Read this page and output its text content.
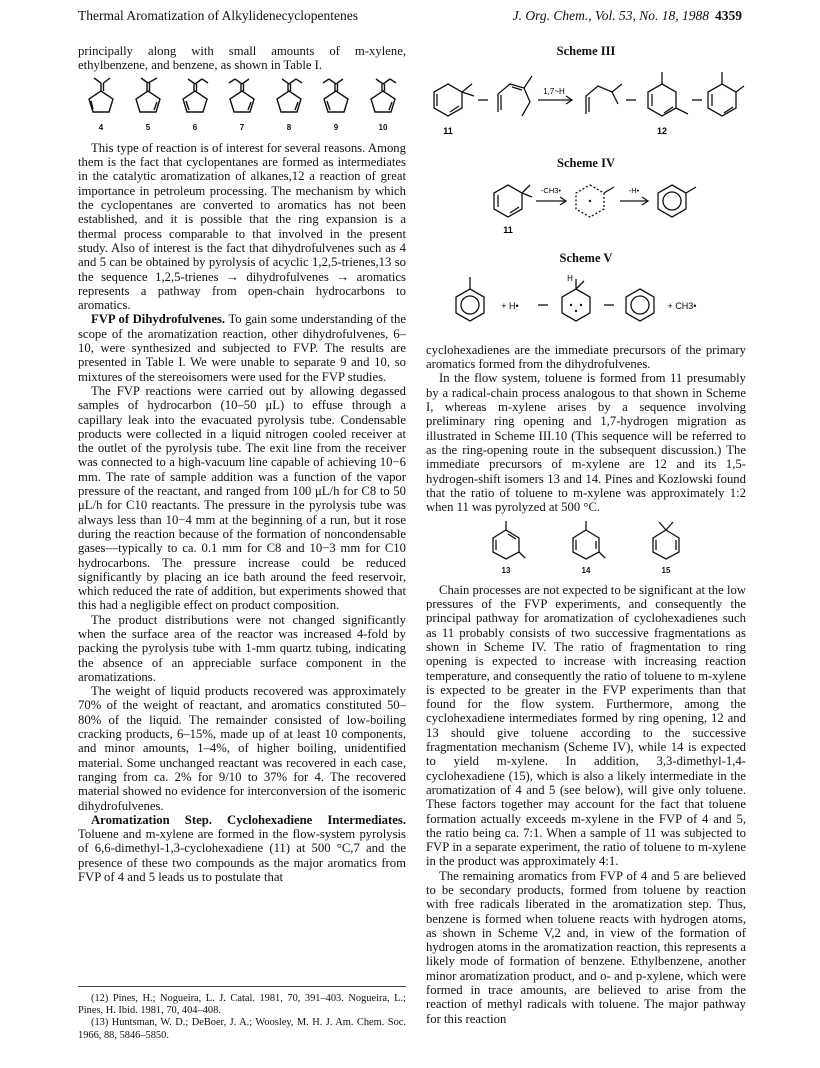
Thermal Aromatization of Alkylidenecyclopentenes	J. Org. Chem., Vol. 53, No. 18, 1988 4359

principally along with small amounts of m-xylene, ethylbenzene, and benzene, as shown in Table I.

4	5	6	7	8	9	10

This type of reaction is of interest for several reasons. Among them is the fact that cyclopentanes are formed as intermediates in the catalytic aromatization of alkanes,12 a reaction of great importance in petroleum processing. The mechanism by which the cyclopentanes are converted to aromatics has not been established, and it is possible that the ring expansion is a thermal process comparable to that involved in the present study. Also of interest is the fact that dihydrofulvenes such as 4 and 5 can be obtained by pyrolysis of acyclic 1,2,5-trienes,13 so the sequence 1,2,5-trienes → dihydrofulvenes → aromatics represents a pathway from open-chain hydrocarbons to aromatics.

FVP of Dihydrofulvenes. To gain some understanding of the scope of the aromatization reaction, other dihydrofulvenes, 6–10, were synthesized and subjected to FVP. The results are presented in Table I. We were unable to separate 9 and 10, so mixtures of the stereoisomers were used for the FVP studies.

The FVP reactions were carried out by allowing degassed samples of hydrocarbon (10–50 μL) to effuse through a capillary leak into the evacuated pyrolysis tube. Condensable products were collected in a liquid nitrogen cooled receiver at the outlet of the pyrolysis tube. The exit line from the receiver was connected to a high-vacuum line capable of achieving 10−6 mm. The rate of sample addition was a function of the vapor pressure of the reactant, and ranged from 100 μL/h for C8 to 50 μL/h for C10 reactants. The pressure in the pyrolysis tube was always less than 10−4 mm at the beginning of a run, but it rose during the reaction because of the formation of noncondensable gases—typically to ca. 0.1 mm for C8 and 10−3 mm for C10 hydrocarbons. The pressure increase could be reduced significantly by placing an ice bath around the feed reservoir, which reduced the rate of addition, but experiments showed that this had a negligible effect on product composition.

The product distributions were not changed significantly when the surface area of the reactor was increased 4-fold by packing the pyrolysis tube with 1-mm quartz tubing, indicating the absence of an appreciable surface component in the aromatizations.

The weight of liquid products recovered was approximately 70% of the weight of reactant, and aromatics constituted 50–80% of the liquid. The remainder consisted of low-boiling cracking products, 6–15%, made up of at least 10 components, and minor amounts, 1–4%, of higher boiling, unidentified material. Some unchanged reactant was recovered in each case, ranging from ca. 2% for 9/10 to 37% for 4. The recovered material showed no evidence for interconversion of the isomeric dihydrofulvenes.

Aromatization Step. Cyclohexadiene Intermediates. Toluene and m-xylene are formed in the flow-system pyrolysis of 6,6-dimethyl-1,3-cyclohexadiene (11) at 500 °C,7 and the presence of these two compounds as the major aromatics from FVP of 4 and 5 leads us to postulate that

(12) Pines, H.; Nogueira, L. J. Catal. 1981, 70, 391–403. Nogueira, L.; Pines, H. Ibid. 1981, 70, 404–408.
(13) Huntsman, W. D.; DeBoer, J. A.; Woosley, M. H. J. Am. Chem. Soc. 1966, 88, 5846–5850.
Scheme III
1,7~H
11	12
Scheme IV
-CH3•	-H•
11
Scheme V
+ H•
H
+ CH3•

cyclohexadienes are the immediate precursors of the primary aromatics formed from the dihydrofulvenes.

In the flow system, toluene is formed from 11 presumably by a radical-chain process analogous to that shown in Scheme I, whereas m-xylene arises by a sequence involving preliminary ring opening and 1,7-hydrogen migration as illustrated in Scheme III.10 (This sequence will be referred to as the ring-opening route in the subsequent discussion.) The immediate precursors of m-xylene are 12 and its 1,5-hydrogen-shift isomers 13 and 14. Pines and Kozlowski found that the ratio of toluene to m-xylene was approximately 1:2 when 11 was pyrolyzed at 500 °C.

13	14	15

Chain processes are not expected to be significant at the low pressures of the FVP experiments, and consequently the principal pathway for aromatization of cyclohexadienes such as 11 probably consists of two successive fragmentations as shown in Scheme IV. The ratio of fragmentation to ring opening is expected to increase with increasing reaction temperature, and consequently the ratio of toluene to m-xylene is expected to be greater in the FVP experiments than that found for the flow system. Furthermore, among the cyclohexadiene intermediates formed by ring opening, 12 and 13 should give toluene according to the successive fragmentation mechanism (Scheme IV), while 14 is expected to yield m-xylene. In addition, 3,3-dimethyl-1,4-cyclohexadiene (15), which is also a likely intermediate in the aromatization of 4 and 5 (see below), will give only toluene. These factors together may account for the fact that toluene formation actually exceeds m-xylene in the FVP of 4 and 5, the ratio being ca. 7:1. When a sample of 11 was subjected to FVP in a separate experiment, the ratio of toluene to m-xylene in the product was approximately 4:1.

The remaining aromatics from FVP of 4 and 5 are believed to be secondary products, formed from toluene by reaction with free radicals liberated in the aromatization step. Thus, benzene is formed when toluene reacts with hydrogen atoms, as shown in Scheme V,2 and, in view of the formation of hydrogen atoms in the aromatization reaction, this represents a likely mode of formation of benzene. Ethylbenzene, another minor aromatization product, and o- and p-xylene, which were formed in trace amounts, are believed to arise from the reaction of methyl radicals with toluene. The major pathway for this reaction
